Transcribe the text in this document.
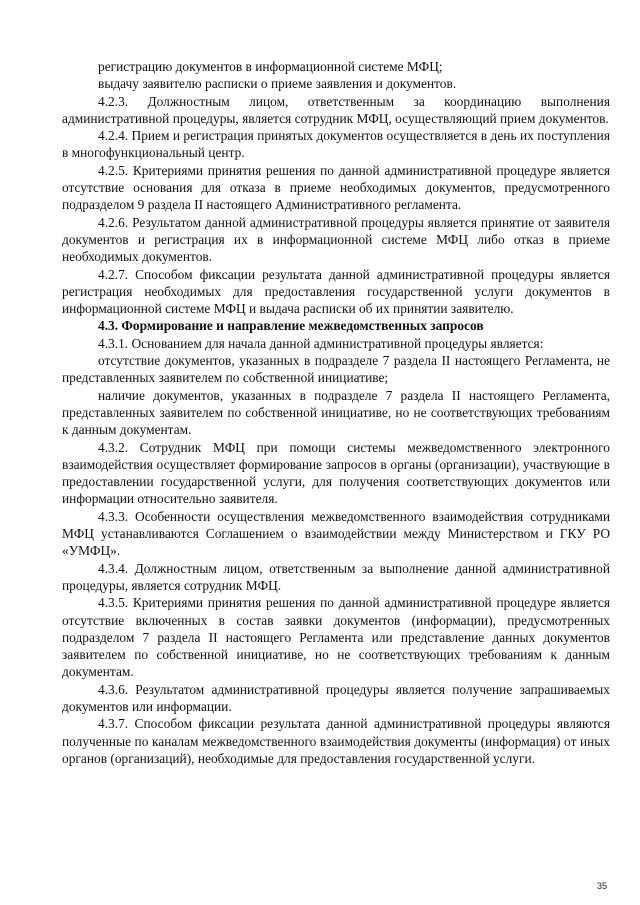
регистрацию документов в информационной системе МФЦ;

выдачу заявителю расписки о приеме заявления и документов.

4.2.3. Должностным лицом, ответственным за координацию выполнения административной процедуры, является сотрудник МФЦ, осуществляющий прием документов.

4.2.4. Прием и регистрация принятых документов осуществляется в день их поступления в многофункциональный центр.

4.2.5. Критериями принятия решения по данной административной процедуре является отсутствие основания для отказа в приеме необходимых документов, предусмотренного подразделом 9 раздела II настоящего Административного регламента.

4.2.6. Результатом данной административной процедуры является принятие от заявителя документов и регистрация их в информационной системе МФЦ либо отказ в приеме необходимых документов.

4.2.7. Способом фиксации результата данной административной процедуры является регистрация необходимых для предоставления государственной услуги документов в информационной системе МФЦ и выдача расписки об их принятии заявителю.

4.3. Формирование и направление межведомственных запросов

4.3.1. Основанием для начала данной административной процедуры является:

отсутствие документов, указанных в подразделе 7 раздела II настоящего Регламента, не представленных заявителем по собственной инициативе;

наличие документов, указанных в подразделе 7 раздела II настоящего Регламента, представленных заявителем по собственной инициативе, но не соответствующих требованиям к данным документам.

4.3.2. Сотрудник МФЦ при помощи системы межведомственного электронного взаимодействия осуществляет формирование запросов в органы (организации), участвующие в предоставлении государственной услуги, для получения соответствующих документов или информации относительно заявителя.

4.3.3. Особенности осуществления межведомственного взаимодействия сотрудниками МФЦ устанавливаются Соглашением о взаимодействии между Министерством и ГКУ РО «УМФЦ».

4.3.4. Должностным лицом, ответственным за выполнение данной административной процедуры, является сотрудник МФЦ.

4.3.5. Критериями принятия решения по данной административной процедуре является отсутствие включенных в состав заявки документов (информации), предусмотренных подразделом 7 раздела II настоящего Регламента или представление данных документов заявителем по собственной инициативе, но не соответствующих требованиям к данным документам.

4.3.6. Результатом административной процедуры является получение запрашиваемых документов или информации.

4.3.7. Способом фиксации результата данной административной процедуры являются полученные по каналам межведомственного взаимодействия документы (информация) от иных органов (организаций), необходимые для предоставления государственной услуги.

35
